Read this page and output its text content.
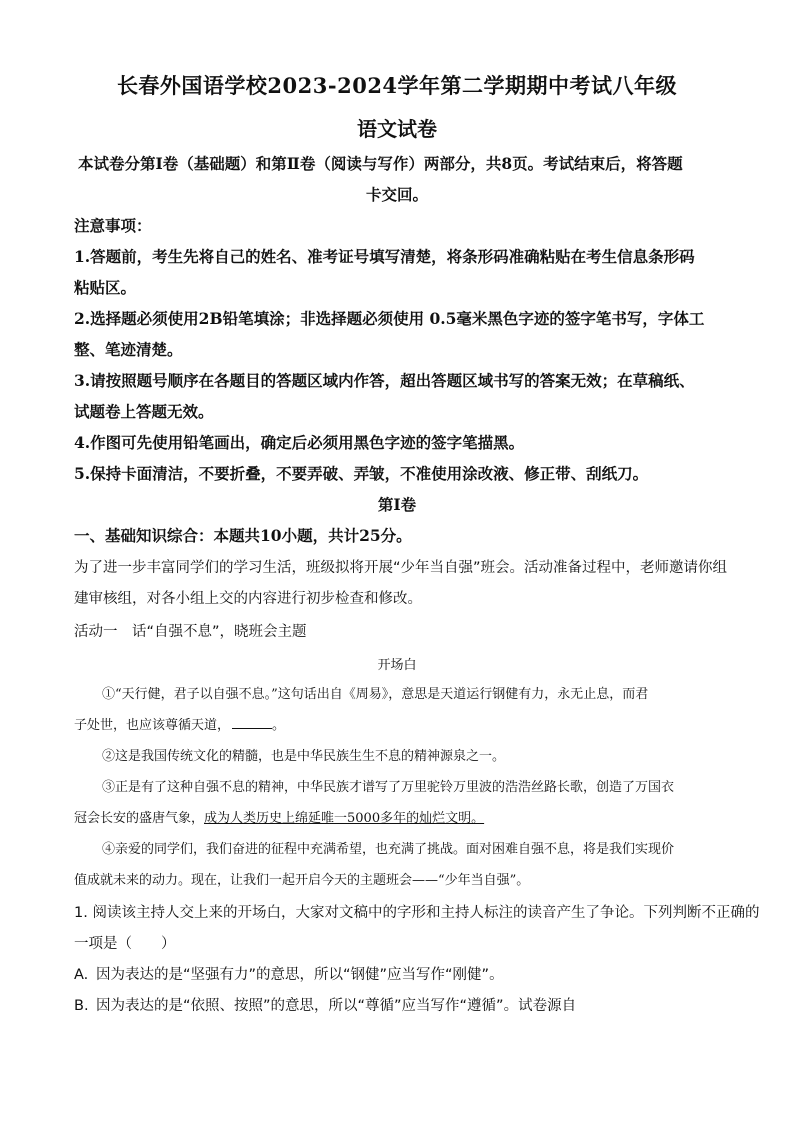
长春外国语学校2023-2024学年第二学期期中考试八年级
语文试卷
本试卷分第Ⅰ卷（基础题）和第Ⅱ卷（阅读与写作）两部分，共8页。考试结束后，将答题
卡交回。
注意事项：
1.答题前，考生先将自己的姓名、准考证号填写清楚，将条形码准确粘贴在考生信息条形码
粘贴区。
2.选择题必须使用2B铅笔填涂；非选择题必须使用 0.5毫米黑色字迹的签字笔书写，字体工
整、笔迹清楚。
3.请按照题号顺序在各题目的答题区域内作答，超出答题区域书写的答案无效；在草稿纸、
试题卷上答题无效。
4.作图可先使用铅笔画出，确定后必须用黑色字迹的签字笔描黑。
5.保持卡面清洁，不要折叠，不要弄破、弄皱，不准使用涂改液、修正带、刮纸刀。
第Ⅰ卷
一、基础知识综合：本题共10小题，共计25分。
为了进一步丰富同学们的学习生活，班级拟将开展“少年当自强”班会。活动准备过程中，老师邀请你组
建审核组，对各小组上交的内容进行初步检查和修改。
活动一　话“自强不息”，晓班会主题
开场白
①“天行健，君子以自强不息。”这句话出自《周易》，意思是天道运行钢健有力，永无止息，而君
子处世，也应该尊循天道，	。
②这是我国传统文化的精髓，也是中华民族生生不息的精神源泉之一。
③正是有了这种自强不息的精神，中华民族才谱写了万里驼铃万里波的浩浩丝路长歌，创造了万国衣
冠会长安的盛唐气象，成为人类历史上绵延唯一5000多年的灿烂文明。
④亲爱的同学们，我们奋进的征程中充满希望，也充满了挑战。面对困难自强不息，将是我们实现价
值成就未来的动力。现在，让我们一起开启今天的主题班会——“少年当自强”。
1. 阅读该主持人交上来的开场白，大家对文稿中的字形和主持人标注的读音产生了争论。下列判断不正确的
一项是（　　）
A. 因为表达的是“坚强有力”的意思，所以“钢健”应当写作“刚健”。
B. 因为表达的是“依照、按照”的意思，所以“尊循”应当写作“遵循”。试卷源自
